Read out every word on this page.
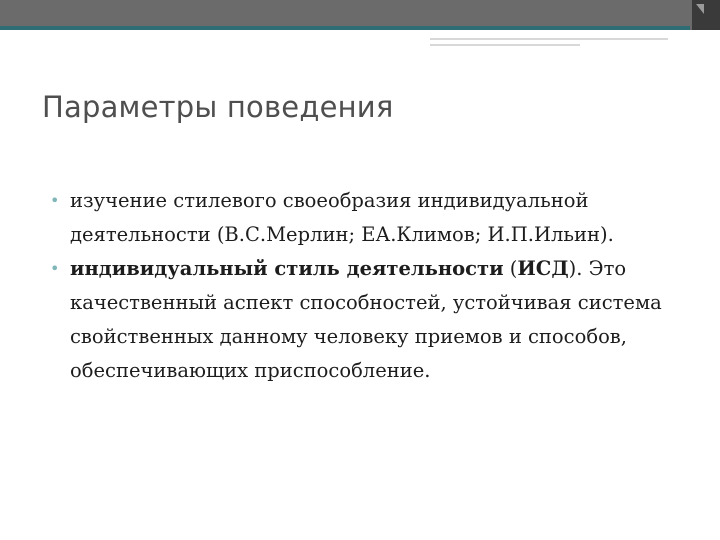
Параметры поведения
• изучение стилевого своеобразия индивидуальной деятельности (В.С.Мерлин; ЕА.Климов; И.П.Ильин).
• индивидуальный стиль деятельности (ИСД). Это качественный аспект способностей, устойчивая система свойственных данному человеку приемов и способов, обеспечивающих приспособление.
